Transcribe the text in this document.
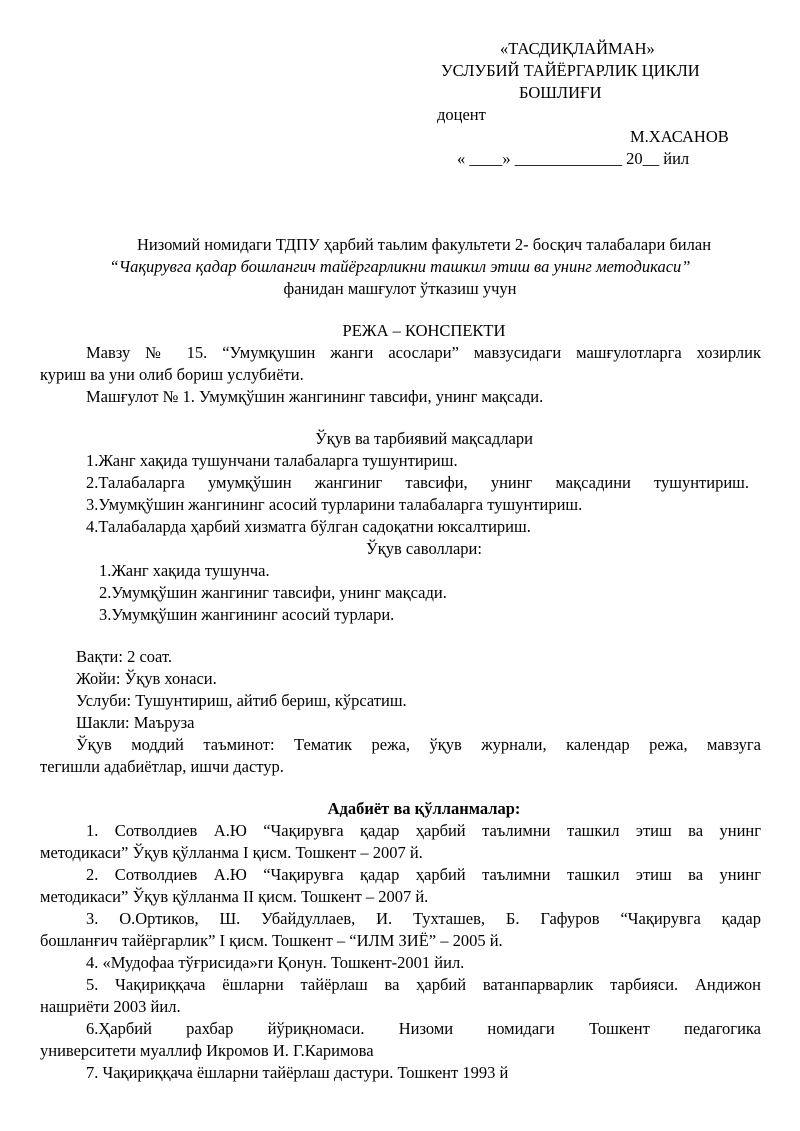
«ТАСДИҚЛАЙМАН»
УСЛУБИЙ ТАЙЁРГАРЛИК ЦИКЛИ
БОШЛИҒИ
доцент
М.ХАСАНОВ
« ____» _____________ 20__ йил
Низомий номидаги ТДПУ ҳарбий таьлим факультети 2- босқич талабалари билан
“Чақирувга қадар бошлангич тайёргарликни ташкил этиш ва унинг методикаси”
фанидан машғулот ўтказиш учун
РЕЖА – КОНСПЕКТИ
Мавзу № 15. “Умумқушин жанги асослари” мавзусидаги машғулотларга хозирлик
куриш ва уни олиб бориш услубиёти.
Машғулот № 1. Умумқўшин жангининг тавсифи, унинг мақсади.
Ўқув ва тарбиявий мақсадлари
1.Жанг хақида тушунчани талабаларга тушунтириш.
2.Талабаларга умумқўшин жангиниг тавсифи, унинг мақсадини тушунтириш.
3.Умумқўшин жангининг асосий турларини талабаларга тушунтириш.
4.Талабаларда ҳарбий хизматга бўлган садоқатни юксалтириш.
Ўқув саволлари:
1.Жанг хақида тушунча.
2.Умумқўшин жангиниг тавсифи, унинг мақсади.
3.Умумқўшин жангининг асосий турлари.
Вақти: 2 соат.
Жойи: Ўқув хонаси.
Услуби: Тушунтириш, айтиб бериш, кўрсатиш.
Шакли: Маъруза
Ўқув моддий таъминот: Тематик режа, ўқув журнали, календар режа, мавзуга
тегишли адабиётлар, ишчи дастур.
Адабиёт ва қўлланмалар:
1. Сотволдиев А.Ю “Чақирувга қадар ҳарбий таълимни ташкил этиш ва унинг
методикаси” Ўқув қўлланма I қисм. Тошкент – 2007 й.
2. Сотволдиев А.Ю “Чақирувга қадар ҳарбий таълимни ташкил этиш ва унинг
методикаси” Ўқув қўлланма II қисм. Тошкент – 2007 й.
3. О.Ортиков, Ш. Убайдуллаев, И. Тухташев, Б. Гафуров “Чақирувга қадар
бошланғич тайёргарлик” I қисм. Тошкент – “ИЛМ ЗИЁ” – 2005 й.
4. «Мудофаа тўғрисида»ги Қонун. Тошкент-2001 йил.
5. Чақириққача ёшларни тайёрлаш ва ҳарбий ватанпарварлик тарбияси. Андижон
нашриёти 2003 йил.
6.Ҳарбий рахбар йўриқномаси. Низоми номидаги Тошкент педагогика
университети муаллиф Икромов И. Г.Каримова
7. Чақириққача ёшларни тайёрлаш дастури. Тошкент 1993 й
